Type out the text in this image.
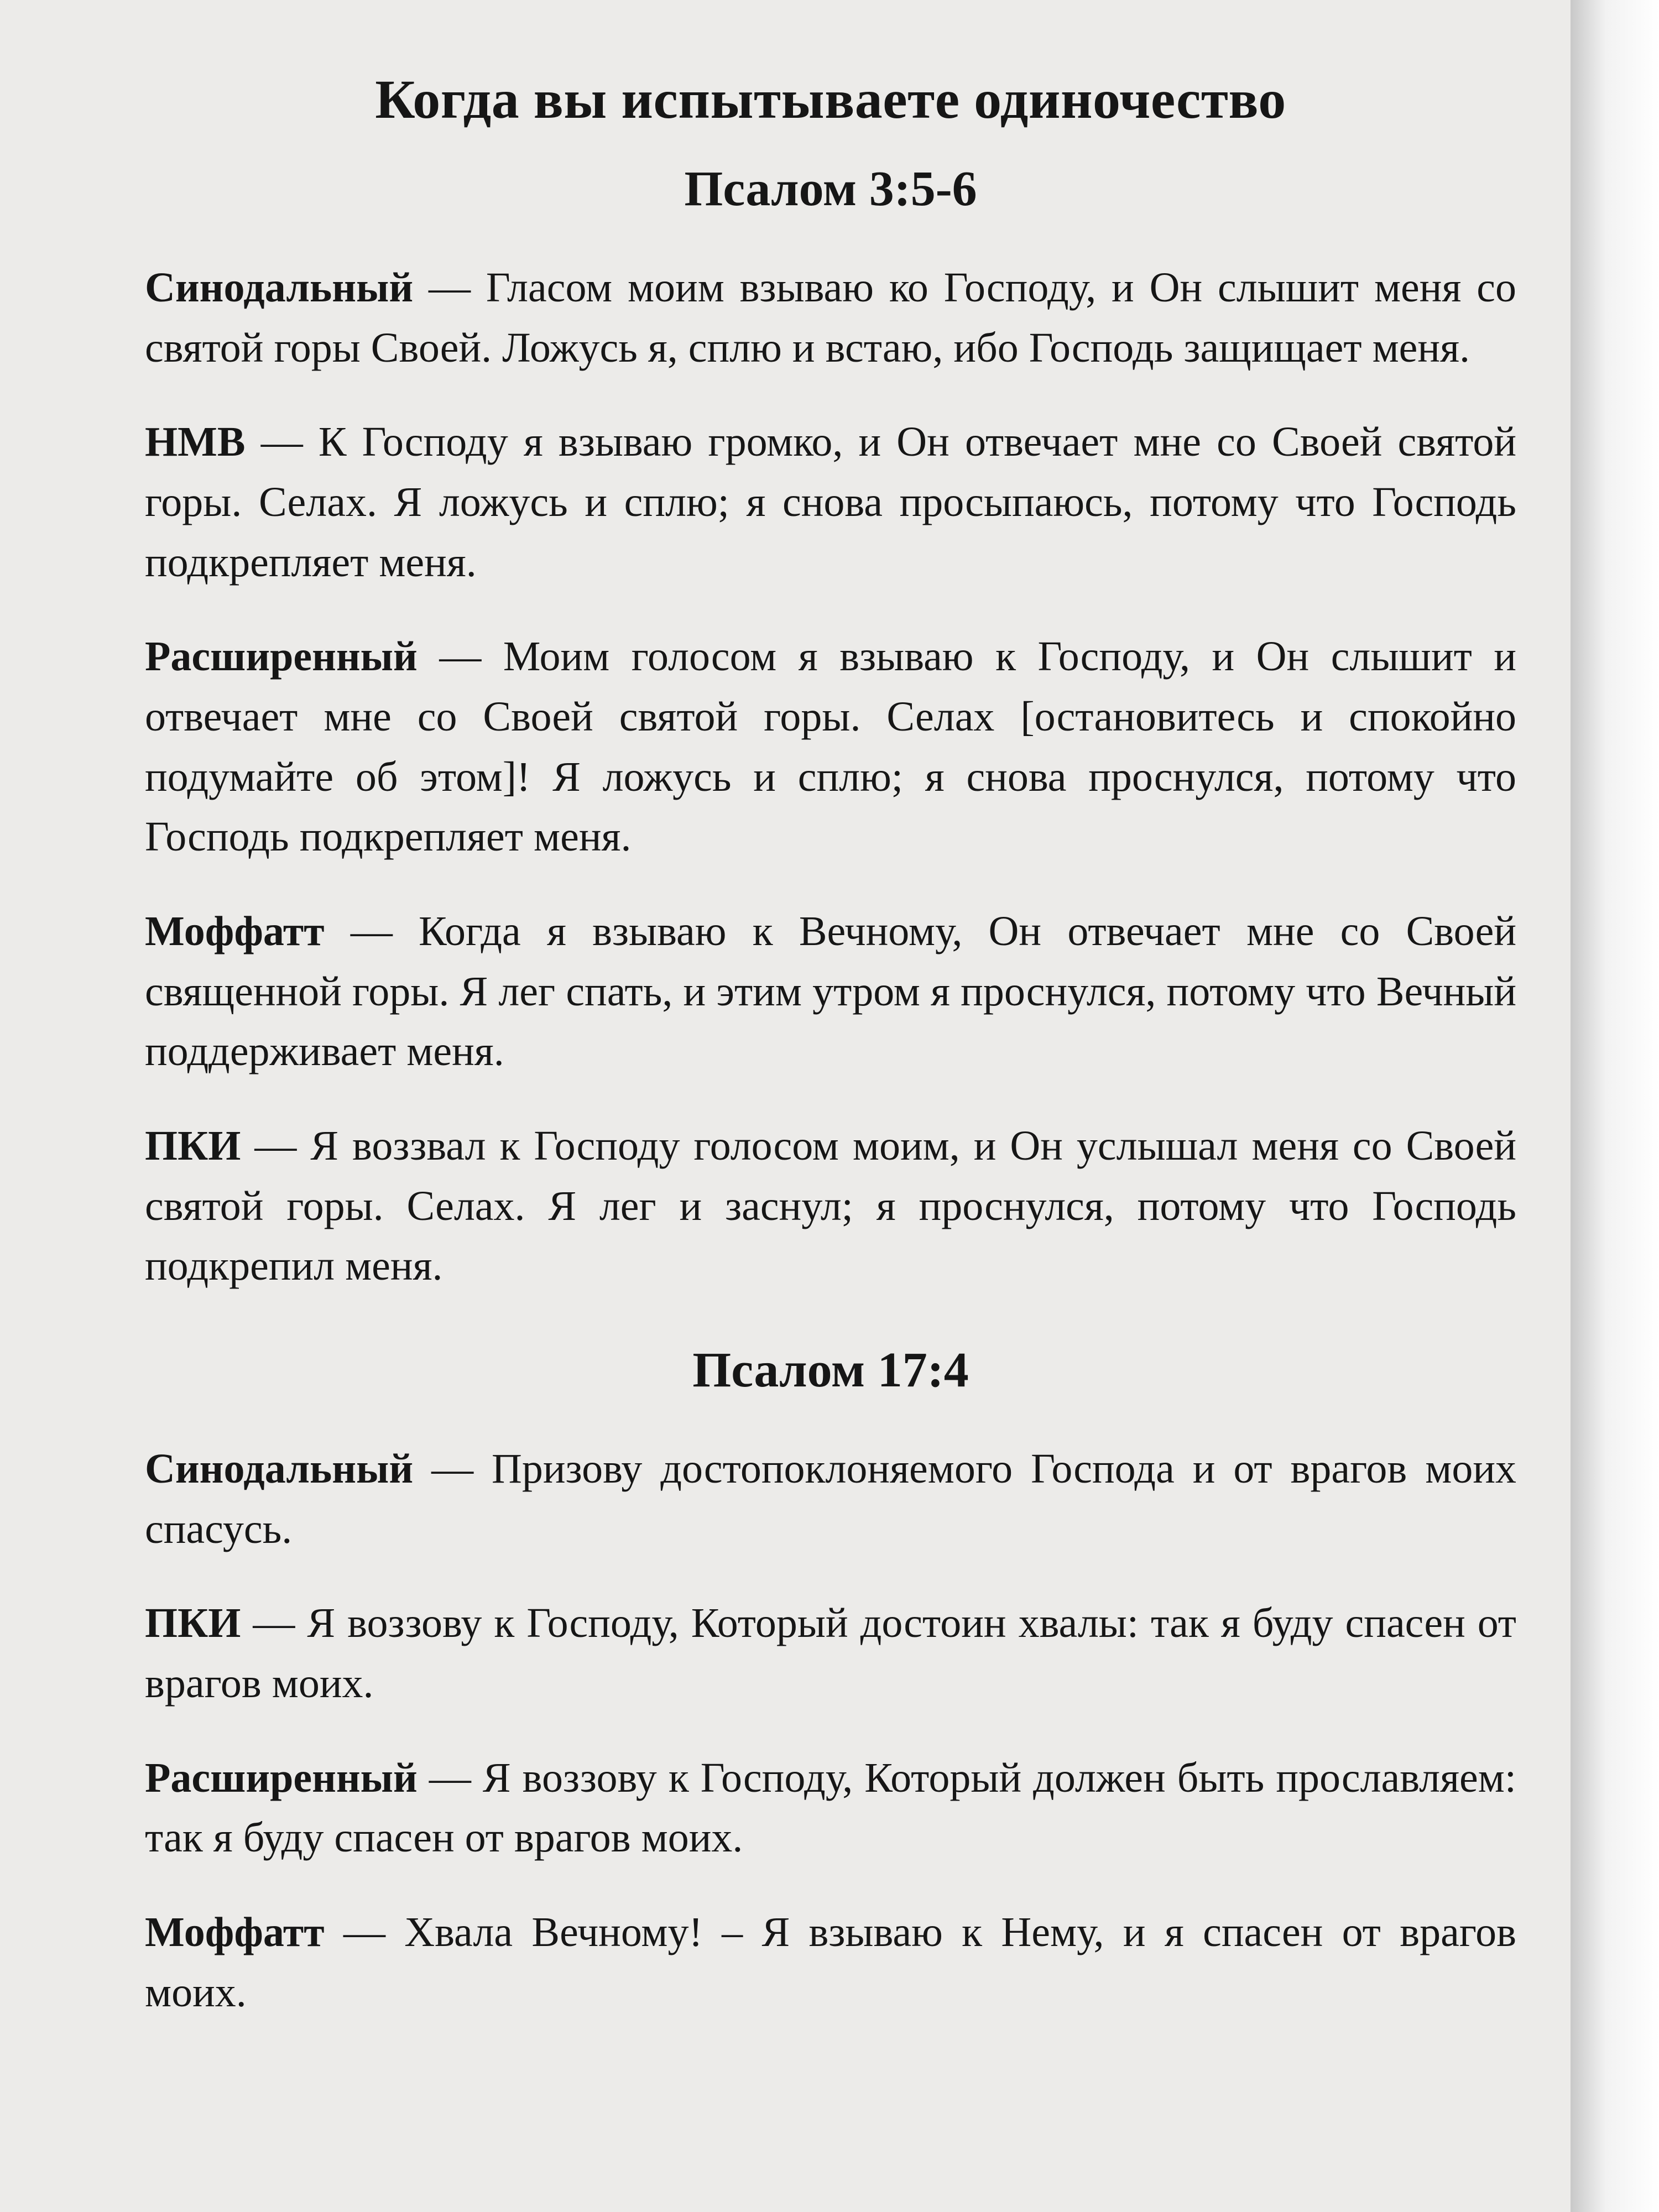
Когда вы испытываете одиночество
Псалом 3:5-6

Синодальный — Гласом моим взываю ко Господу, и Он слышит меня со святой горы Своей. Ложусь я, сплю и встаю, ибо Господь защищает меня.

НМВ — К Господу я взываю громко, и Он отвечает мне со Своей святой горы. Селах. Я ложусь и сплю; я снова просыпаюсь, потому что Господь подкрепляет меня.

Расширенный — Моим голосом я взываю к Господу, и Он слышит и отвечает мне со Своей святой горы. Селах [остановитесь и спокойно подумайте об этом]! Я ложусь и сплю; я снова проснулся, потому что Господь подкрепляет меня.

Моффатт — Когда я взываю к Вечному, Он отвечает мне со Своей священной горы. Я лег спать, и этим утром я проснулся, потому что Вечный поддерживает меня.

ПКИ — Я воззвал к Господу голосом моим, и Он услышал меня со Своей святой горы. Селах. Я лег и заснул; я проснулся, потому что Господь подкрепил меня.

Псалом 17:4

Синодальный — Призову достопоклоняемого Господа и от врагов моих спасусь.

ПКИ — Я воззову к Господу, Который достоин хвалы: так я буду спасен от врагов моих.

Расширенный — Я воззову к Господу, Который должен быть прославляем: так я буду спасен от врагов моих.

Моффатт — Хвала Вечному! – Я взываю к Нему, и я спасен от врагов моих.
